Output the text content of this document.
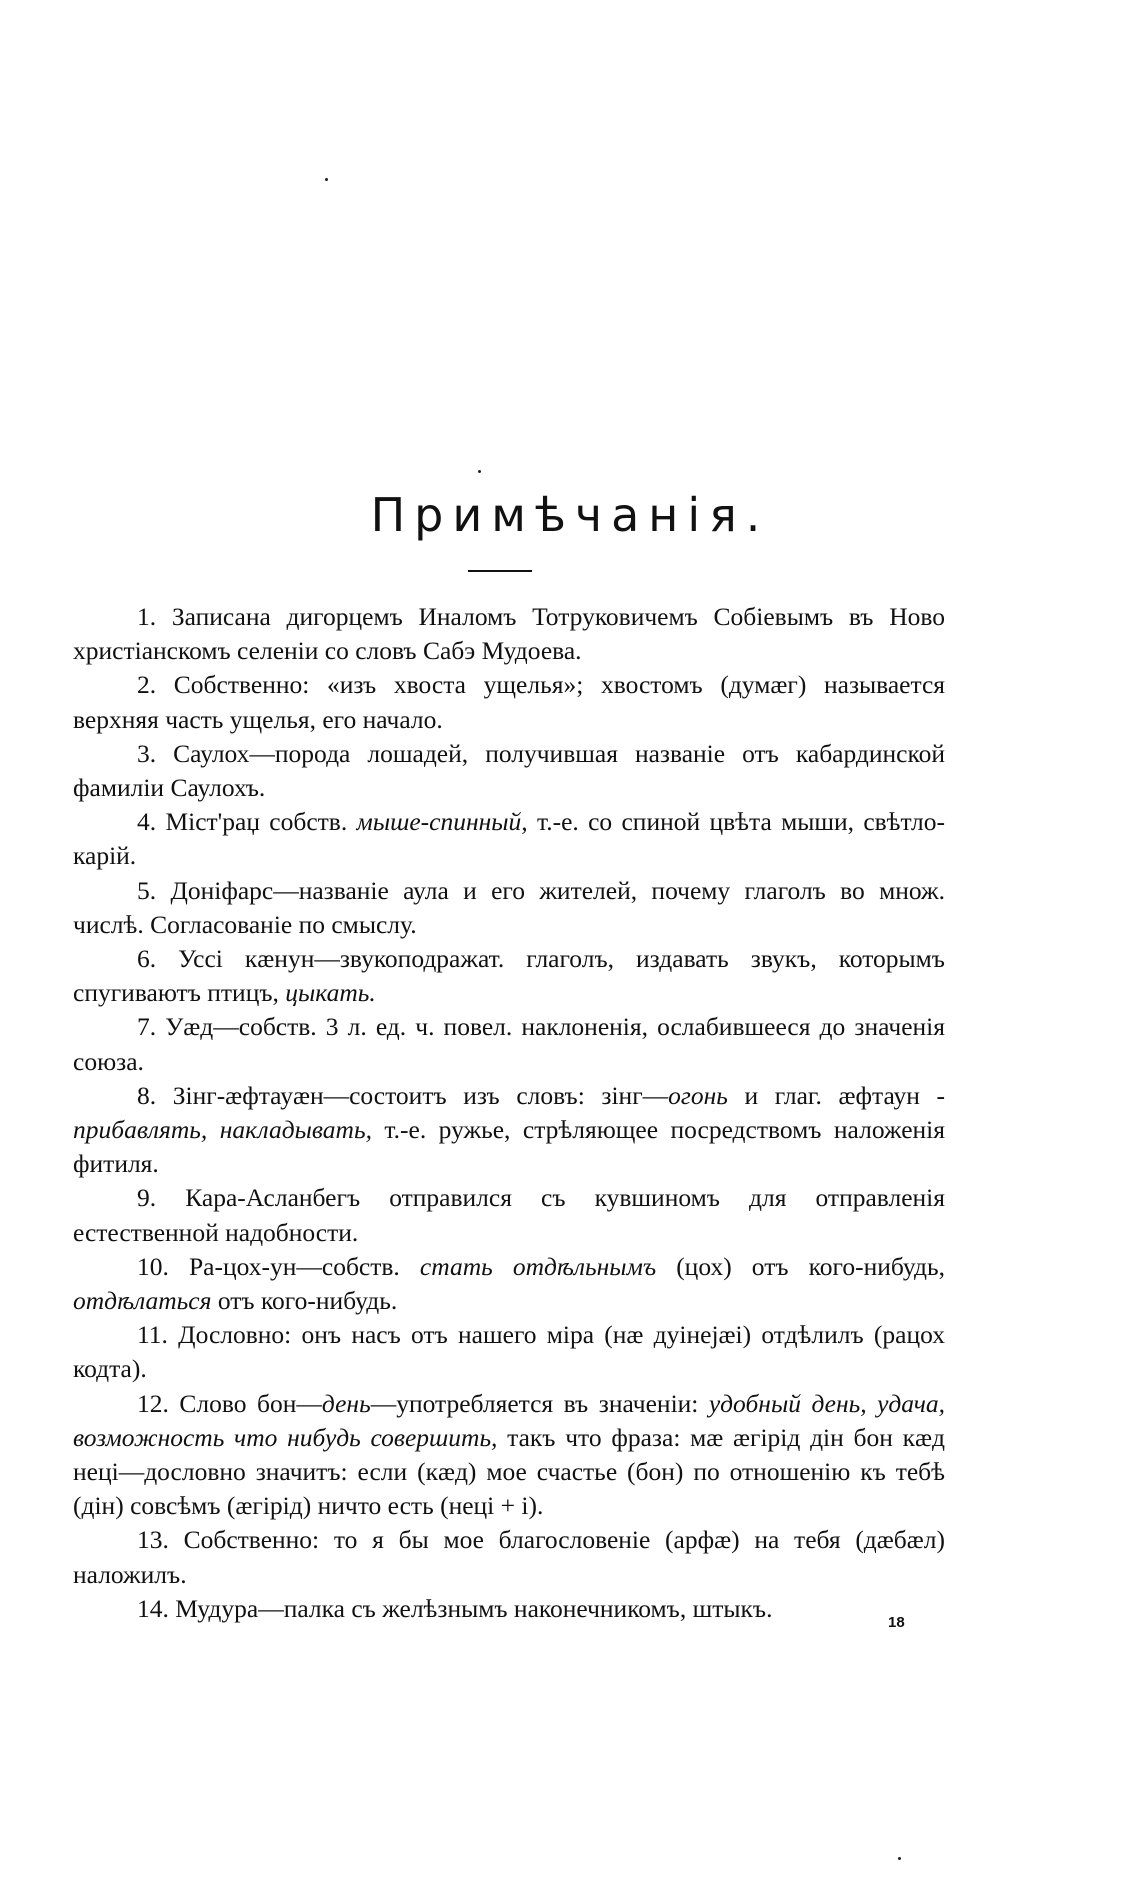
Примѣчанія.

1. Записана дигорцемъ Иналомъ Тотруковичемъ Собіевымъ въ Ново христіанскомъ селеніи со словъ Сабэ Мудоева.

2. Собственно: «изъ хвоста ущелья»; хвостомъ (думæг) называется верхняя часть ущелья, его начало.

3. Саулох—порода лошадей, получившая названіе отъ кабардинской фамиліи Саулохъ.

4. Міст'раџ собств. мыше-спинный, т.-е. со спиной цвѣта мыши, свѣтло-карій.

5. Доніфарс—названіе аула и его жителей, почему глаголъ во множ. числѣ. Согласованіе по смыслу.

6. Уссі кæнун—звукоподражат. глаголъ, издавать звукъ, которымъ спугиваютъ птицъ, цыкать.

7. Уæд—собств. 3 л. ед. ч. повел. наклоненія, ослабившееся до значенія союза.

8. Зінг-æфтауæн—состоитъ изъ словъ: зінг—огонь и глаг. æфтаун - прибавлять, накладывать, т.-е. ружье, стрѣляющее посредствомъ наложенія фитиля.

9. Кара-Асланбегъ отправился съ кувшиномъ для отправленія естественной надобности.

10. Ра-цох-ун—собств. стать отдѣльнымъ (цох) отъ кого-нибудь, отдѣлаться отъ кого-нибудь.

11. Дословно: онъ насъ отъ нашего міра (нæ дуінеjæі) отдѣлилъ (рацох кодта).

12. Слово бон—день—употребляется въ значеніи: удобный день, удача, возможность что нибудь совершить, такъ что фраза: мæ æгірід дін бон кæд нецi—дословно значитъ: если (кæд) мое счастье (бон) по отношенію къ тебѣ (дін) совсѣмъ (æгірід) ничто есть (неці + і).

13. Собственно: то я бы мое благословеніе (арфæ) на тебя (дæбæл) наложилъ.

14. Мудура—палка съ желѣзнымъ наконечникомъ, штыкъ.	18
